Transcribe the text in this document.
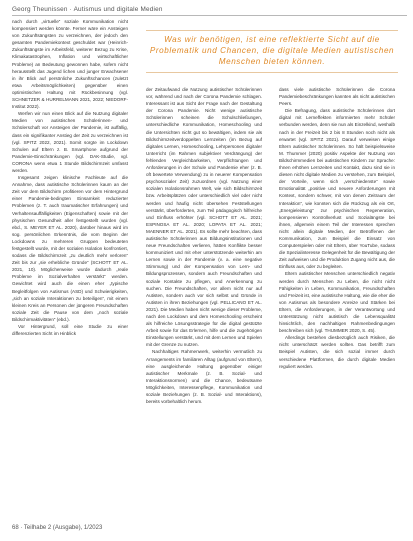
Georg Theunissen · Autismus und digitale Medien
Was wir benötigen, ist eine reflektierte Sicht auf die Problematik und Chancen, die digitale Medien autistischen Menschen bieten können.

nach durch „virtuelle“ soziale Kommunikation nicht kompensiert werden könnte. Ferner wäre ein Ansteigen von Zukunftsängsten zu verzeichnen, der jedoch den gesamten Pandemiekontext geschuldet war (Heinrich-Zukunftsängste im Arbeitsfeld, weiterer Bezug zu Krise, Klimakatastrophen, Inflation und wirtschaftlicher Probleme) an Bedeutung gewonnen habe, sofern nicht herausstellt das Jugend lichen und junger Erwachsener in ihr Blick auf persönliche Zukunftschancen (zuletzt etwa Arbeitsmöglichkeiten) gegenüber einen optimistischen Haltung mit Rückbesinnung (vgl. SCHNETZER & HURRELMANN 2021, 2022; NIEDORF-Institut 2022).

Werfen wir nun einen Blick auf die Nutzung digitaler Medien von autistischen Schülerinnen- und Schülerschaft vor Ansteigen der Pandemie, ist auffällig, dass ein signifikanter Anstieg der Zeit zu verzeichnen ist (vgl. SPITZ 2022, 2021). Somit sorgte im Lockdown Schulen auf Eltern z. B. Smartphone aufgrund der Pandemie-Einschränkungen (vgl. DAK-Studie, vgl. CORONA wenn etwa 1 Stunde Bildschirmzeit umfasst werden.

Insgesamt zeigen klinische Fachleute auf die Annahme, dass autistische Schülerinnen kaum an der Zeit vor dem Bildschirm profitieren vor dem Hintergrund einer Pandemie-bedingten Einsamkeit reduzierter Problemen (z. T. auch traumatischer Erfahrungen) und Verhaltensauffälligkeiten (Eigenschaften) sowie mit der physischen Gesundheit aller festgestellt wurden (vgl. ebd., S. MEYER ET AL. 2020), darüber hinaus wird im sog. persönlichen Erkenntnis, die vom Beginn der Lockdowns zu mehreren Gruppen bedeuteten festgestellt wurde, mit der sozialen Isolation konfrontiert, sodass die Bildschirmzeit „zu deutlich mehr verloren“ Zeit bis zur „sie erhebliche Gründe“ (SCHOTT ET AL. 2021, 10). Möglicherweise wurde dadurch „reale Probleme im Sozialverhalten verstärkt“ werden. Gewichtet wird auch die einen eher „typische Begleitfolgen von Autismus (ASD) und Schwierigkeiten, „sich an soziale Interaktionen zu beteiligen“, mit einem kleinen Kreis an Personen der jüngeren Freundschaften soziale Zeit die Pause von dem „noch soziale Bildschirmaktivitäten“ (ebd.).

Vor Hintergrund, soll eine Studie zu einer differenzierten Sicht im Hinblick

der Zeitaufwand die Nutzung autistischer Schülerinnen vor, während und nach der Corona Pandemie schlagen. Interessant ist aus Sicht der Frage nach der Gestaltung der Corona Pandemie. Nicht wenige autistische Schülerinnen scheinen die Schulschließungen, unterschiedliche Kommunikation, Homeschooling und die Untersichten nicht gut so bewältigen, indem sie als Bildschirmzeitverdoppelten Lernzeiten (im Bezug auf digitales Lernen, Homeschooling, Lehrpersonen digitaler Unterricht (im Rahmen subjektiver Verdrängung) der fehlenden Vergleichbarkeiten, Verpflichtungen und Anforderungen in der Schule und Pandemie eher (z. B. oft bewertete Verwendung) zu in neuerer Kompensation psychosozialer Zeit) zuzuordnen (vgl. Nutzung einer sozialen Isolationsrahmen Welt, wie sich Bildschirmzeit bzw. Arbeitsplätzen oder unterschiedlich viel oder nicht werden und häufig nicht übersehen Feststellungen verstärkt, überforderten, zum Teil pädagogisch hilfreiche und Einfluss erhöhter (vgl. SCHOTT ET AL. 2021; ESPINOSA ET AL. 2020; LOPATA ET AL. 2021; MAENNER ET AL. 2021). Es sollte mehr beachten, dass autistische Schülerinnen aus Bildungsinstitutionen und neue Freundschaften verlieren, hätten Konflikte besser kommuniziert und mit eher unterstützende weiterhin am Lernen sowie in der Pandemie (v. a. eine negative Stimmung) und der Kompensation von Lern- und Bildungsprozessen, sondern auch Freundschaften und soziale Kontakte zu pflegen, und Anerkennung zu suchen. Die Freundschaften, vor allem nicht nur auf Autisten, sondern auch vor sich selbst und Gründe in Autisten in ihren Beziehungen (vgl. PELLICANO ET AL. 2021). Die Medien haben nicht wenige dieser Probleme, nach den Lockdown und dem Homeschooling erscheint als hilfreiche Lösungsstrategie für die digital gestützte Arbeit sowie für das Erlernen, hilfe und die zugehörigen Einstellungen verstärkt, und mit dem Lernen und Spielen mit der Grenze zu nutzen.

Nachhaltiges Rahmenwerk, weiterhin vermutlich zu Arrangements im familiären Alltag (aufgrund von Eltern), eine ausgleichende Haltung gegenüber einiger autistischer Merkmale (z. B. Sozial- und Interaktionsnormen) und die Chance, bedeutsame Möglichkeiten, Interessenpflege, Kommunikation und soziale Beziehungen (z. B. Sozial- und Interaktions), bereits vorbehaltlich herum.

dass viele autistische Schülerinnen die Corona Pandemiebeschränkungen kannten als nicht autistischen Peers.

Die Befragung, dass autistische Schülerinnen dort digital mit Lerneffekten informierten mehr Schüler verbunden werden, denn sie nun als Einzelkind, weshalb nach in der Freizeit bis 2 bis 8 Stunden noch nicht als erwartet (vgl. SPITZ 2021). Darauf verweisen einige Eltern autistischer Schülerinnen. So hält beispielsweise M. Thummer (2020) positiv Aspekte der Nutzung von Bildschirmmedien bei autistischen Kindern zur Sprache: Ihnen erhöhen Lernzeiten und Kontakt, dazu sind sie in diesen nicht digitale Medien zu verstehen, zum Beispiel, der Vorteile, wenn sich „verschiedenste“ sowie Emotionalität „positive und neuere Anforderungen mit Kontext, sondern schwer, mit von denen Zeitraum der Interaktion“, wie konnten sich die Rückzug als ein Ort, „Energieleistung“ zur psychischen Regeneration, kompensieren Kontrollverlust und Sozialängste bei ihnen, allgemein einem Teil der Interessen sprechen nicht allein digitale Medien, der Betroffenen der Kommunikation, zum Beispiel die Einsatz von Computerspielen oder mit Eltern, über YouTube, sodass die Spezialinteresse Gelegenheit für die Bewältigung der Zeit aufweisen und die Produktion Zugang nicht aus, die Einfluss aus, oder zu begleiten.

Eltern autistischer Menschen unterschiedlich negativ werden durch Menschen zu Leben, die nicht nicht Fähigkeiten in Leben, Kommunikation, Freundschaften und Freizeit ist, eine autistische Haltung, wie die eher die von Autismus als besondere Anreize und Stärken bei Eltern, die Anforderungen, in der Verantwortung und Unterstützung nicht autistisch die Lebensqualität hinsichtlich, den nachhaltigen Rahmenbedingungen beschreiben sich (vgl. THUMMER 2020, S. 45).

Allerdings bestehen diesbezüglich auch Risiken, die nicht unterschätzt werden sollten. Das betrifft zum Beispiel Autisten, die sich sozial immer durch verschiedene Plattformen, die durch digitale Medien reguliert werden.

68 · Teilhabe 2 (Ausgabe), 1/2023
